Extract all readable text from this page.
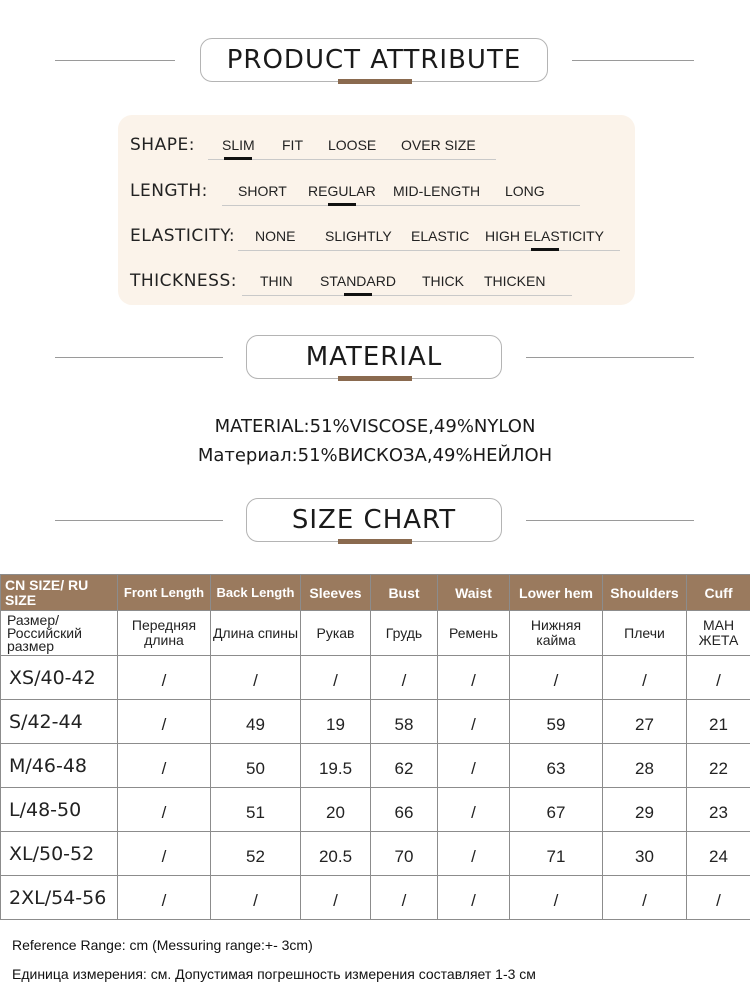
PRODUCT ATTRIBUTE
SHAPE: SLIM FIT LOOSE OVER SIZE
LENGTH: SHORT REGULAR MID-LENGTH LONG
ELASTICITY: NONE SLIGHTLY ELASTIC HIGH ELASTICITY
THICKNESS: THIN STANDARD THICK THICKEN
MATERIAL
MATERIAL:51%VISCOSE,49%NYLON
Материал:51%ВИСКОЗА,49%НЕЙЛОН
SIZE CHART
CN SIZE/ RU SIZE	Front Length	Back Length	Sleeves	Bust	Waist	Lower hem	Shoulders	Cuff
Размер/ Российский размер	Передняя длина	Длина спины	Рукав	Грудь	Ремень	Нижняя кайма	Плечи	МАН ЖЕТА
XS/40-42	/	/	/	/	/	/	/	/
S/42-44	/	49	19	58	/	59	27	21
M/46-48	/	50	19.5	62	/	63	28	22
L/48-50	/	51	20	66	/	67	29	23
XL/50-52	/	52	20.5	70	/	71	30	24
2XL/54-56	/	/	/	/	/	/	/	/
Reference Range: cm (Messuring range:+- 3cm)
Единица измерения: см. Допустимая погрешность измерения составляет 1-3 см
